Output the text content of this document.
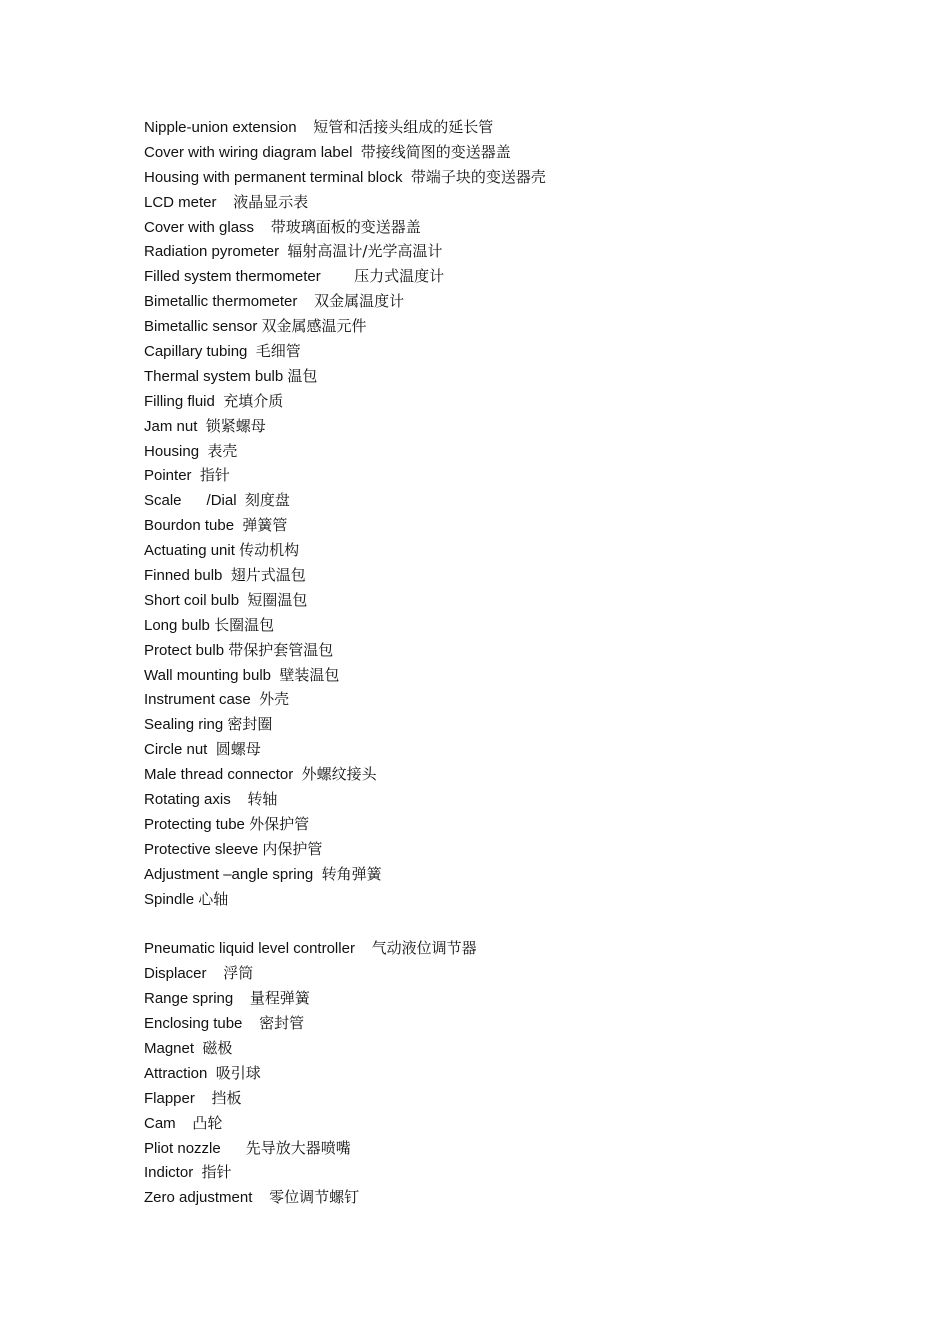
Nipple-union extension 短管和活接头组成的延长管
Cover with wiring diagram label 带接线简图的变送器盖
Housing with permanent terminal block 带端子块的变送器壳
LCD meter 液晶显示表
Cover with glass 带玻璃面板的变送器盖
Radiation pyrometer 辐射高温计/光学高温计
Filled system thermometer 压力式温度计
Bimetallic thermometer 双金属温度计
Bimetallic sensor 双金属感温元件
Capillary tubing 毛细管
Thermal system bulb 温包
Filling fluid 充填介质
Jam nut 锁紧螺母
Housing 表壳
Pointer 指针
Scale      /Dial 刻度盘
Bourdon tube 弹簧管
Actuating unit 传动机构
Finned bulb 翅片式温包
Short coil bulb 短圈温包
Long bulb 长圈温包
Protect bulb 带保护套管温包
Wall mounting bulb 壁装温包
Instrument case 外壳
Sealing ring 密封圈
Circle nut 圆螺母
Male thread connector 外螺纹接头
Rotating axis 转轴
Protecting tube 外保护管
Protective sleeve 内保护管
Adjustment –angle spring 转角弹簧
Spindle 心轴
Pneumatic liquid level controller 气动液位调节器
Displacer 浮筒
Range spring 量程弹簧
Enclosing tube 密封管
Magnet 磁极
Attraction 吸引球
Flapper 挡板
Cam 凸轮
Pliot nozzle 先导放大器喷嘴
Indictor 指针
Zero adjustment 零位调节螺钉
